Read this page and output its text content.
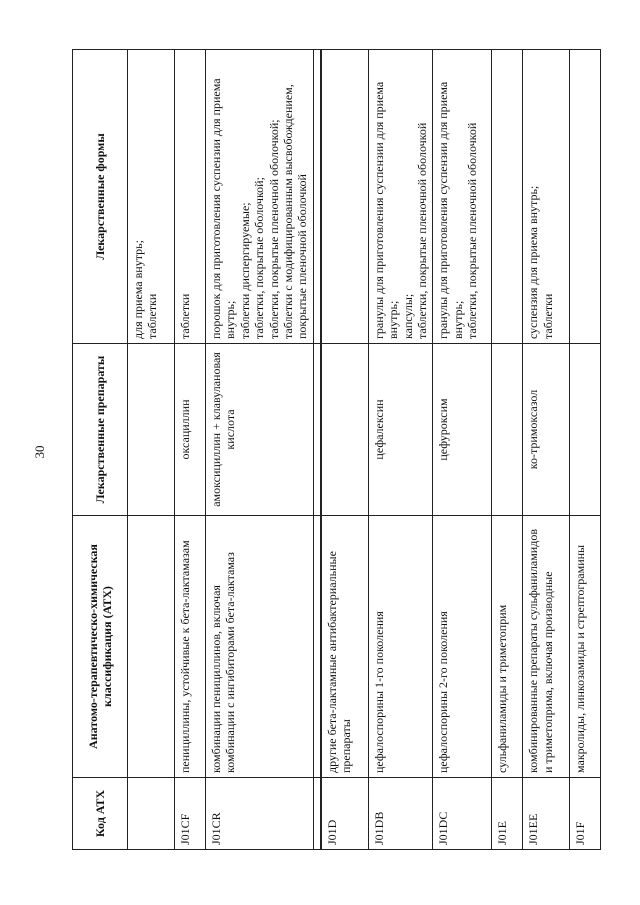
30
Код АТХ	Анатомо-терапевтическо-химическая классификация (АТХ)	Лекарственные препараты	Лекарственные формы

			для приема внутрь; таблетки

J01CF	пенициллины, устойчивые к бета-лактамазам	оксациллин	таблетки

J01CR	комбинации пенициллинов, включая комбинации с ингибиторами бета-лактамаз	амоксициллин + клавулановая кислота	порошок для приготовления суспензии для приема внутрь; таблетки диспергируемые; таблетки, покрытые оболочкой; таблетки, покрытые пленочной оболочкой; таблетки с модифицированным высвобождением, покрытые пленочной оболочкой

J01D	другие бета-лактамные антибактериальные препараты		
J01DB	цефалоспорины 1-го поколения	цефалексин	гранулы для приготовления суспензии для приема внутрь; капсулы; таблетки, покрытые пленочной оболочкой

J01DC	цефалоспорины 2-го поколения	цефуроксим	гранулы для приготовления суспензии для приема внутрь; таблетки, покрытые пленочной оболочкой

J01E	сульфаниламиды и триметоприм		
J01EE	комбинированные препараты сульфаниламидов и триметоприма, включая производные	ко-тримоксазол	суспензия для приема внутрь; таблетки

J01F	макролиды, линкозамиды и стрептограмины		
